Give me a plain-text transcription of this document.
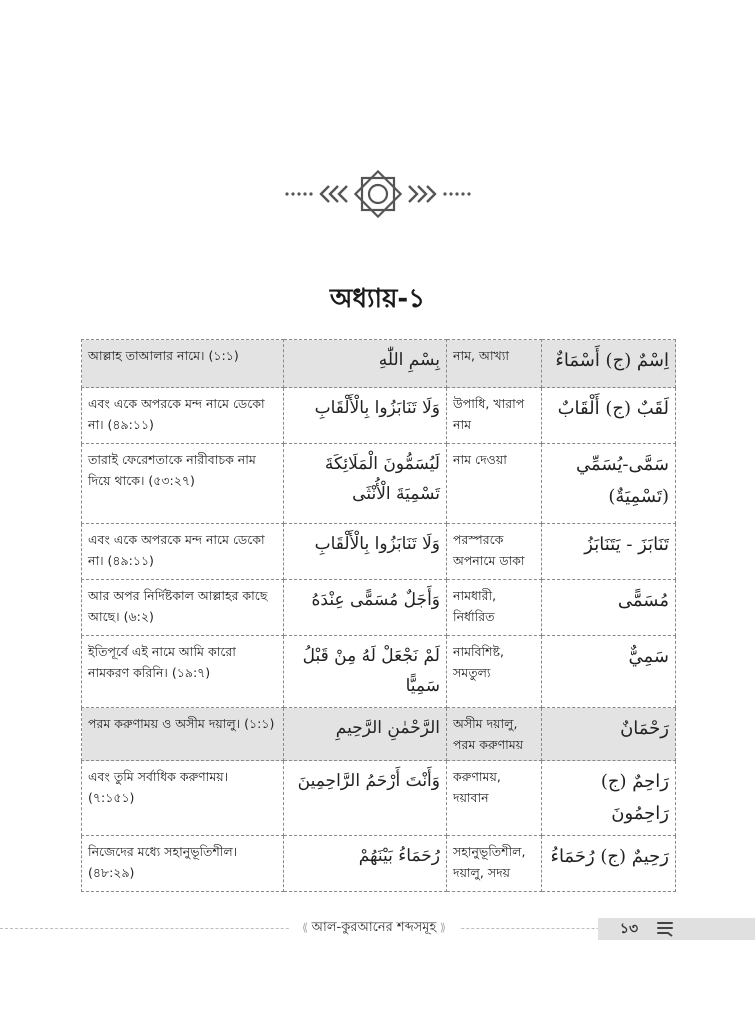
অধ্যায়-১
আল্লাহ তাআলার নামে। (১:১)	بِسْمِ اللّٰهِ	নাম, আখ্যা	اِسْمٌ (ج) أَسْمَاءٌ
এবং একে অপরকে মন্দ নামে ডেকো না। (৪৯:১১)	وَلَا تَنَابَزُوا بِالْأَلْقَابِ	উপাধি, খারাপ নাম	لَقَبٌ (ج) أَلْقَابٌ
তারাই ফেরেশতাকে নারীবাচক নাম দিয়ে থাকে। (৫৩:২৭)	لَيُسَمُّونَ الْمَلَائِكَةَ تَسْمِيَةَ الْأُنْثَى	নাম দেওয়া	سَمَّى-يُسَمِّي (تَسْمِيَةٌ)
এবং একে অপরকে মন্দ নামে ডেকো না। (৪৯:১১)	وَلَا تَنَابَزُوا بِالْأَلْقَابِ	পরস্পরকে অপনামে ডাকা	تَنَابَزَ - يَتَنَابَزُ
আর অপর নির্দিষ্টকাল আল্লাহর কাছে আছে। (৬:২)	وَأَجَلٌ مُسَمًّى عِنْدَهُ	নামধারী, নির্ধারিত	مُسَمًّى
ইতিপূর্বে এই নামে আমি কারো নামকরণ করিনি। (১৯:৭)	لَمْ نَجْعَلْ لَهُ مِنْ قَبْلُ سَمِيًّا	নামবিশিষ্ট, সমতুল্য	سَمِيٌّ
পরম করুণাময় ও অসীম দয়ালু। (১:১)	الرَّحْمٰنِ الرَّحِيمِ	অসীম দয়ালু, পরম করুণাময়	رَحْمَانٌ
এবং তুমি সর্বাধিক করুণাময়। (৭:১৫১)	وَأَنْتَ أَرْحَمُ الرَّاحِمِينَ	করুণাময়, দয়াবান	رَاحِمٌ (ج) رَاحِمُونَ
নিজেদের মধ্যে সহানুভূতিশীল। (৪৮:২৯)	رُحَمَاءُ بَيْنَهُمْ	সহানুভূতিশীল, দয়ালু, সদয়	رَحِيمٌ (ج) رُحَمَاءُ
⟪ আল-কুরআনের শব্দসমূহ ⟫	১৩
